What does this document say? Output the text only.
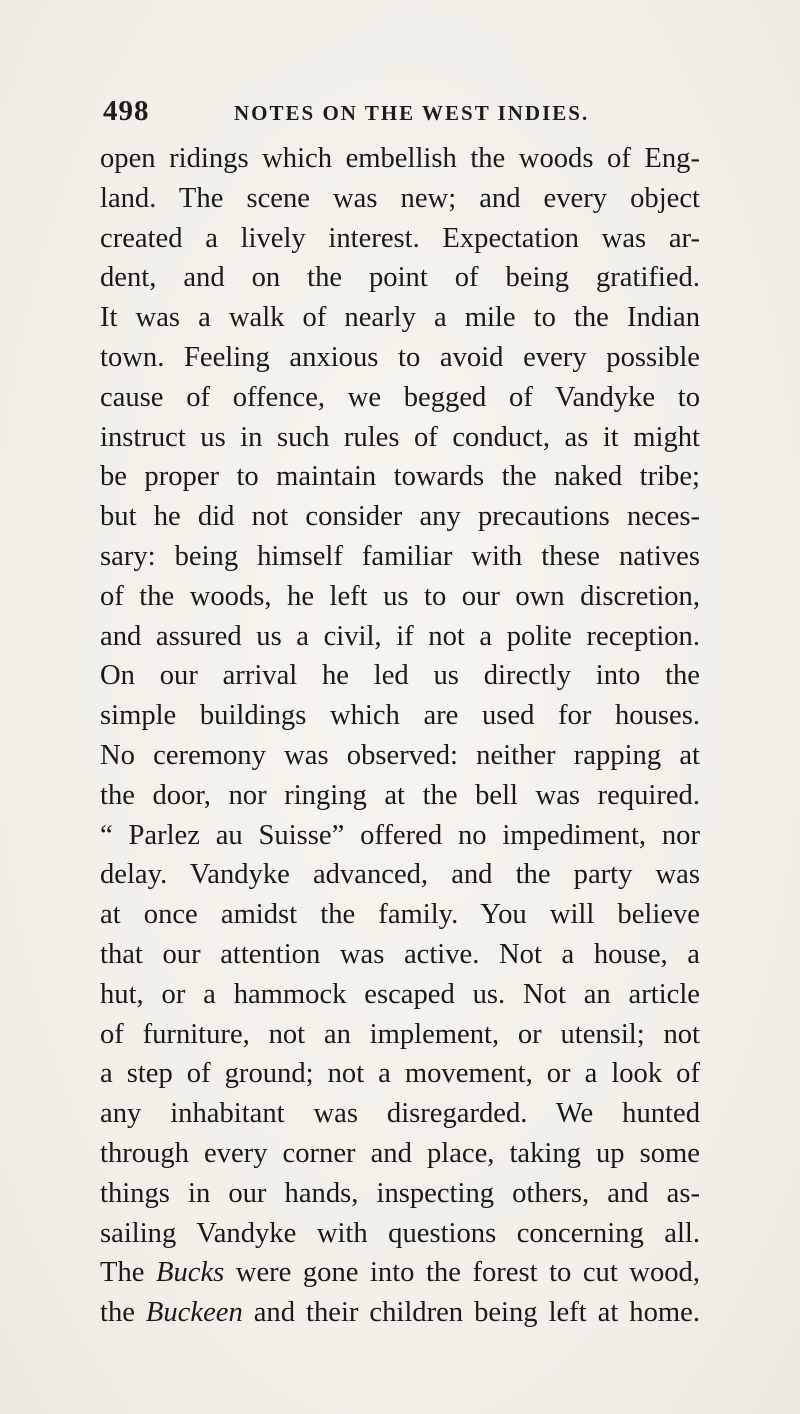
498	NOTES ON THE WEST INDIES.
open ridings which embellish the woods of Eng-
land. The scene was new; and every object
created a lively interest. Expectation was ar-
dent, and on the point of being gratified.
It was a walk of nearly a mile to the Indian
town. Feeling anxious to avoid every possible
cause of offence, we begged of Vandyke to
instruct us in such rules of conduct, as it might
be proper to maintain towards the naked tribe;
but he did not consider any precautions neces-
sary: being himself familiar with these natives
of the woods, he left us to our own discretion,
and assured us a civil, if not a polite reception.
On our arrival he led us directly into the
simple buildings which are used for houses.
No ceremony was observed: neither rapping at
the door, nor ringing at the bell was required.
“ Parlez au Suisse” offered no impediment, nor
delay. Vandyke advanced, and the party was
at once amidst the family. You will believe
that our attention was active. Not a house, a
hut, or a hammock escaped us. Not an article
of furniture, not an implement, or utensil; not
a step of ground; not a movement, or a look of
any inhabitant was disregarded. We hunted
through every corner and place, taking up some
things in our hands, inspecting others, and as-
sailing Vandyke with questions concerning all.
The Bucks were gone into the forest to cut wood,
the Buckeen and their children being left at home.
